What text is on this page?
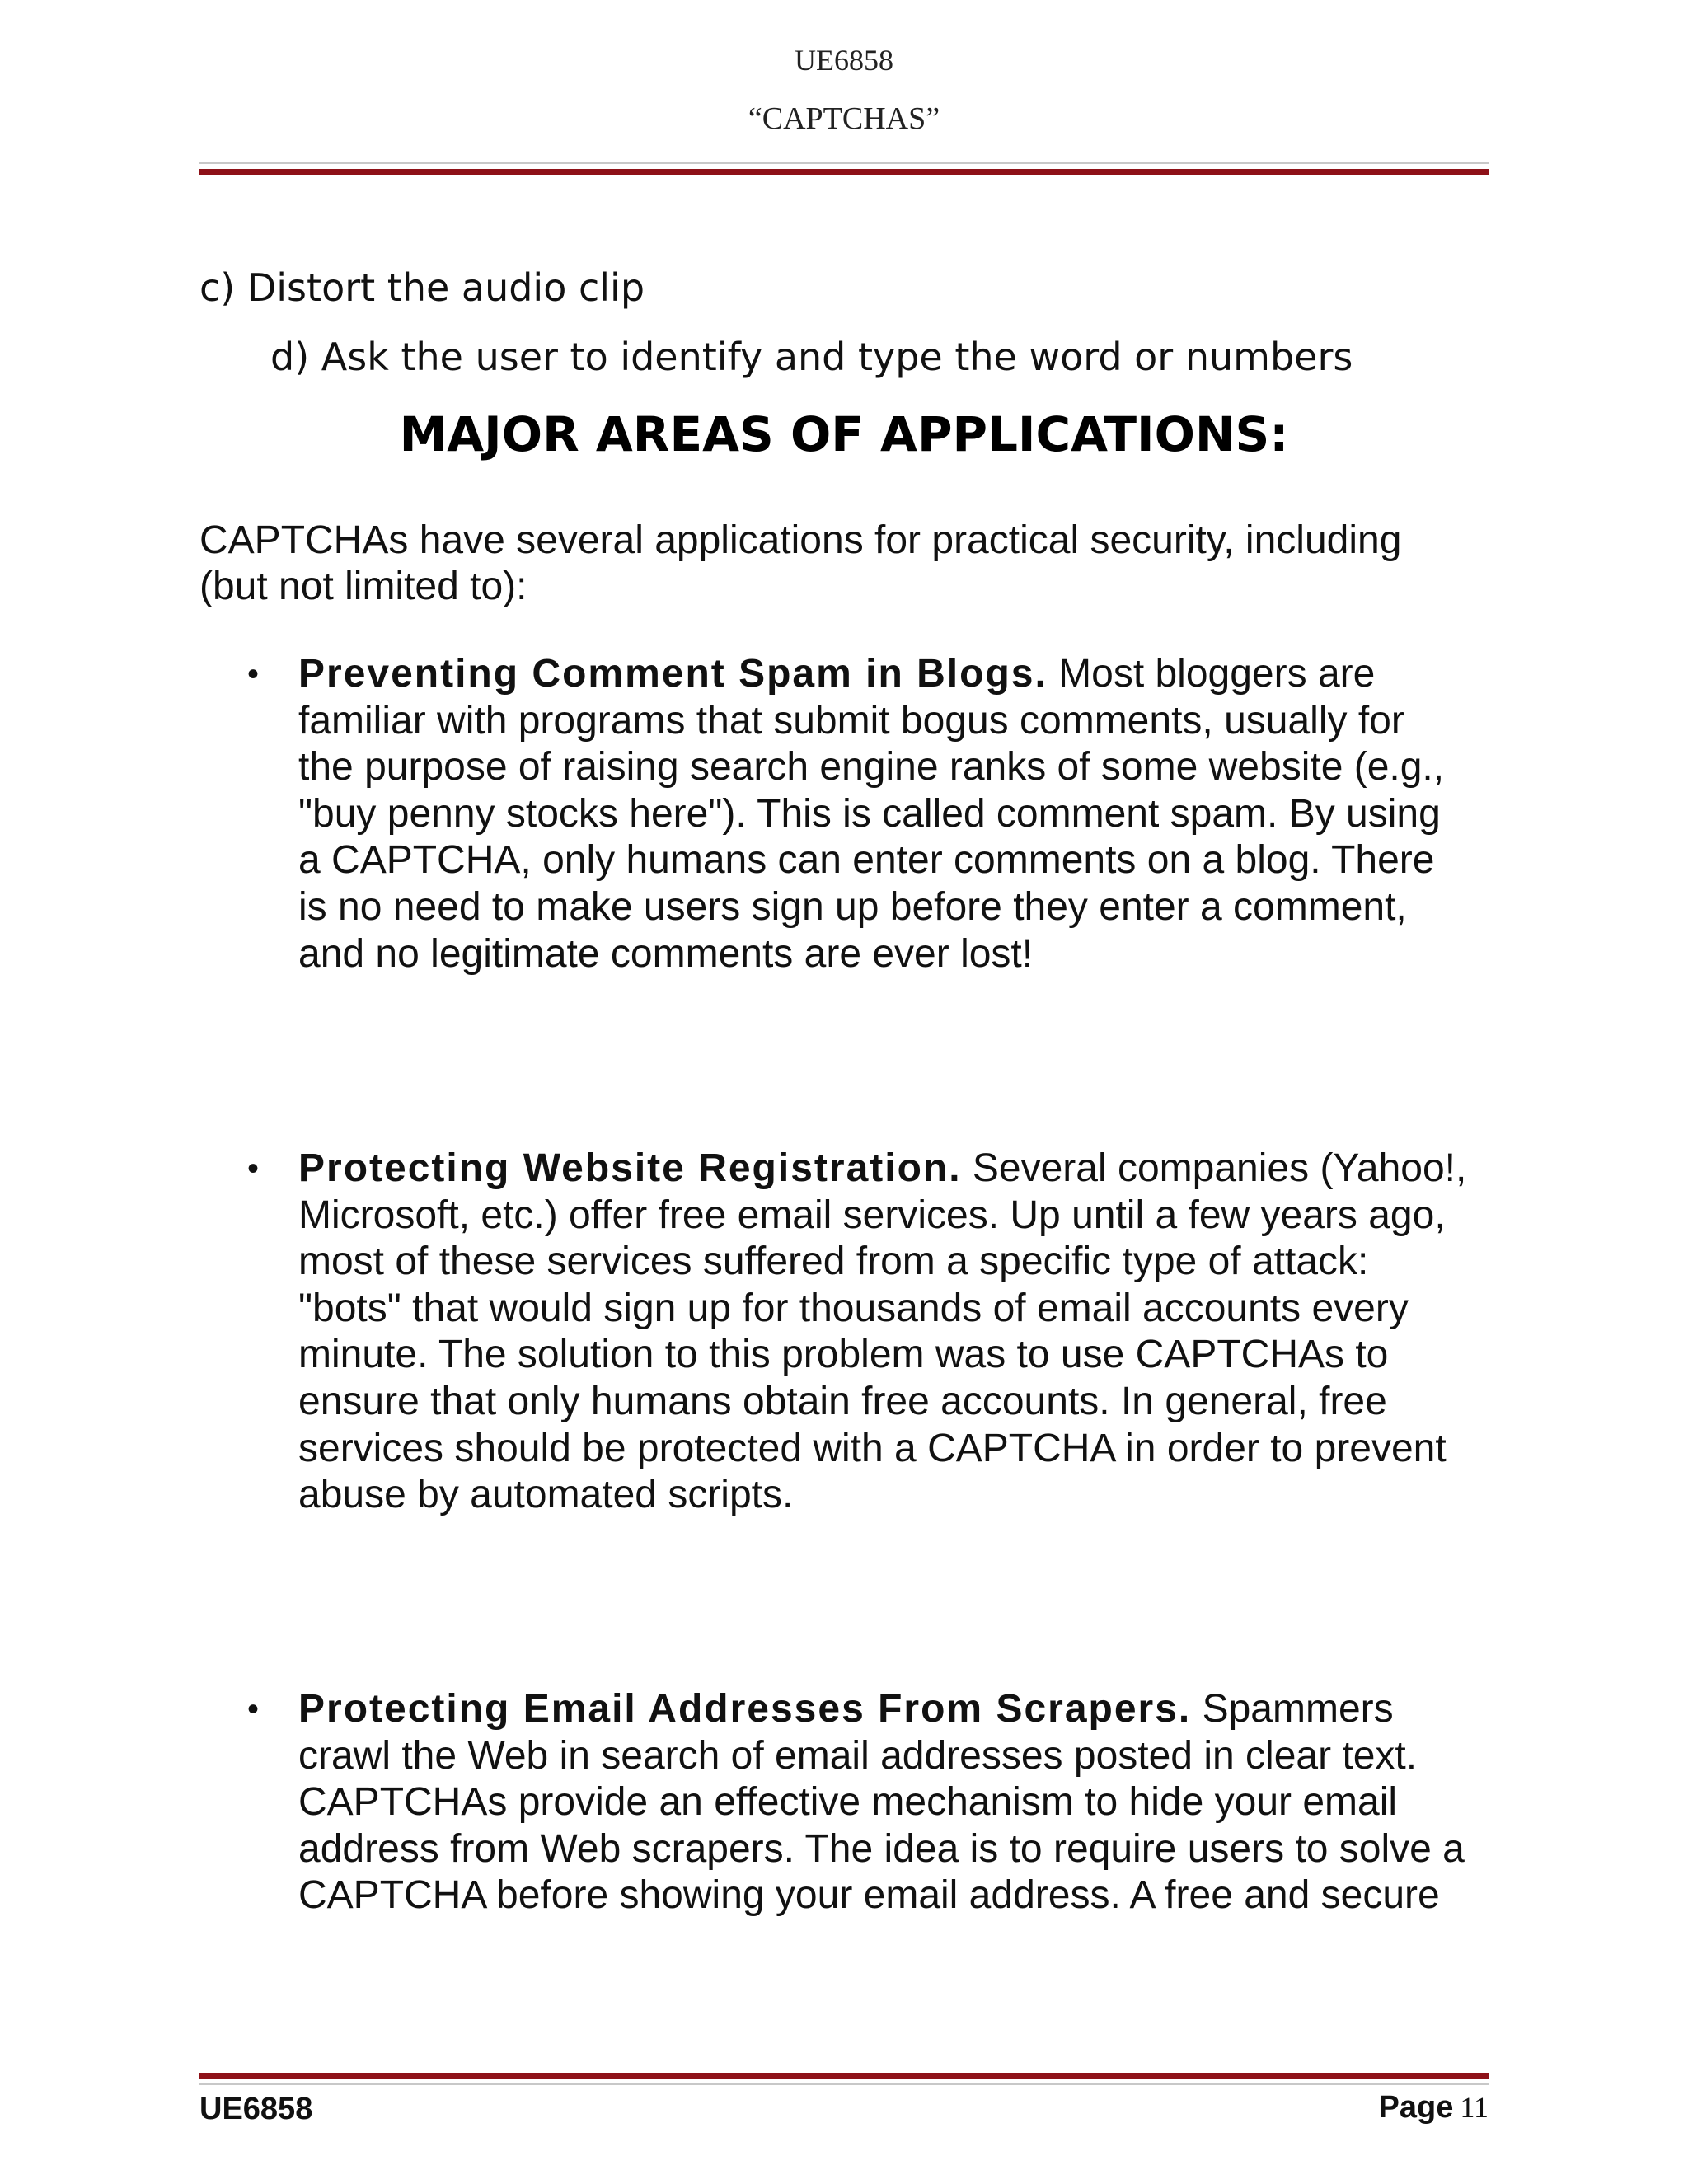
UE6858
“CAPTCHAS”
c) Distort the audio clip
d) Ask the user to identify and type the word or numbers
MAJOR AREAS OF APPLICATIONS:
CAPTCHAs have several applications for practical security, including (but not limited to):
• Preventing Comment Spam in Blogs. Most bloggers are familiar with programs that submit bogus comments, usually for the purpose of raising search engine ranks of some website (e.g., "buy penny stocks here"). This is called comment spam. By using a CAPTCHA, only humans can enter comments on a blog. There is no need to make users sign up before they enter a comment, and no legitimate comments are ever lost!
• Protecting Website Registration. Several companies (Yahoo!, Microsoft, etc.) offer free email services. Up until a few years ago, most of these services suffered from a specific type of attack: "bots" that would sign up for thousands of email accounts every minute. The solution to this problem was to use CAPTCHAs to ensure that only humans obtain free accounts. In general, free services should be protected with a CAPTCHA in order to prevent abuse by automated scripts.
• Protecting Email Addresses From Scrapers. Spammers crawl the Web in search of email addresses posted in clear text. CAPTCHAs provide an effective mechanism to hide your email address from Web scrapers. The idea is to require users to solve a CAPTCHA before showing your email address. A free and secure
UE6858	Page 11
